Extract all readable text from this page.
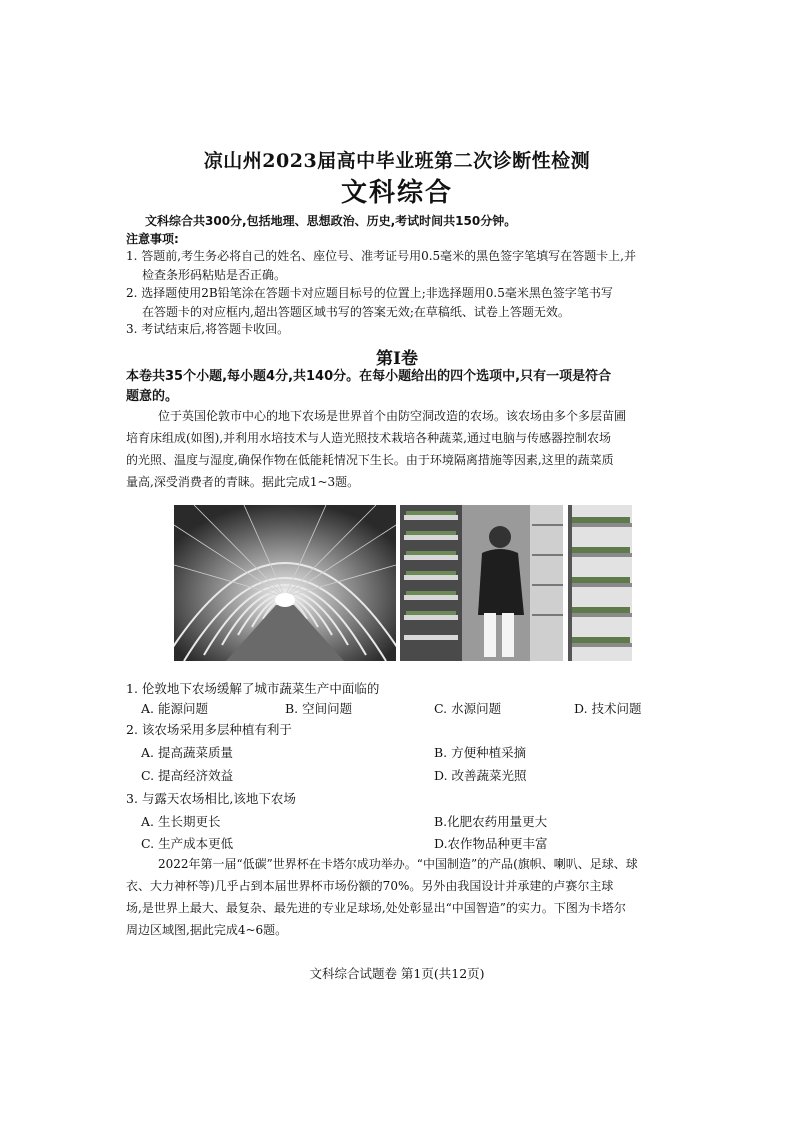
凉山州2023届高中毕业班第二次诊断性检测
文科综合
文科综合共300分,包括地理、思想政治、历史,考试时间共150分钟。
注意事项:
1. 答题前,考生务必将自己的姓名、座位号、准考证号用0.5毫米的黑色签字笔填写在答题卡上,并
检查条形码粘贴是否正确。
2. 选择题使用2B铅笔涂在答题卡对应题目标号的位置上;非选择题用0.5毫米黑色签字笔书写
在答题卡的对应框内,超出答题区域书写的答案无效;在草稿纸、试卷上答题无效。
3. 考试结束后,将答题卡收回。
第Ⅰ卷
本卷共35个小题,每小题4分,共140分。在每小题给出的四个选项中,只有一项是符合
题意的。
位于英国伦敦市中心的地下农场是世界首个由防空洞改造的农场。该农场由多个多层苗圃
培育床组成(如图),并利用水培技术与人造光照技术栽培各种蔬菜,通过电脑与传感器控制农场
的光照、温度与湿度,确保作物在低能耗情况下生长。由于环境隔离措施等因素,这里的蔬菜质
量高,深受消费者的青睐。据此完成1~3题。
1. 伦敦地下农场缓解了城市蔬菜生产中面临的
A. 能源问题	B. 空间问题	C. 水源问题	D. 技术问题
2. 该农场采用多层种植有利于
A. 提高蔬菜质量	B. 方便种植采摘
C. 提高经济效益	D. 改善蔬菜光照
3. 与露天农场相比,该地下农场
A. 生长期更长	B.化肥农药用量更大
C. 生产成本更低	D.农作物品种更丰富
2022年第一届“低碳”世界杯在卡塔尔成功举办。“中国制造”的产品(旗帜、喇叭、足球、球
衣、大力神杯等)几乎占到本届世界杯市场份额的70%。另外由我国设计并承建的卢赛尔主球
场,是世界上最大、最复杂、最先进的专业足球场,处处彰显出“中国智造”的实力。下图为卡塔尔
周边区域图,据此完成4~6题。
文科综合试题卷 第1页(共12页)
